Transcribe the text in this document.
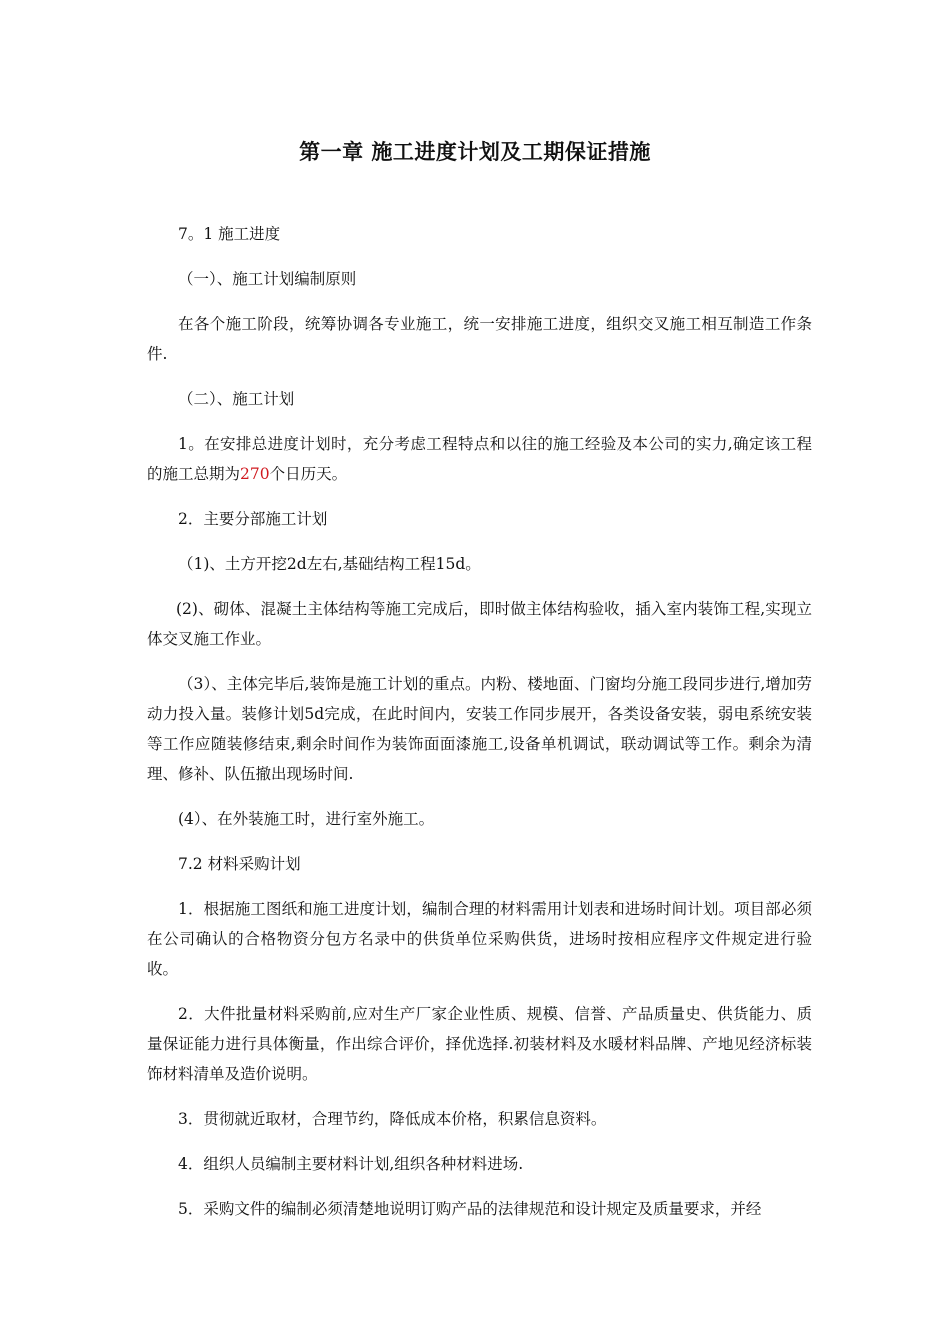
第一章 施工进度计划及工期保证措施

7。1 施工进度

（一）、施工计划编制原则

在各个施工阶段，统筹协调各专业施工，统一安排施工进度，组织交叉施工相互制造工作条件.

（二）、施工计划

1。在安排总进度计划时，充分考虑工程特点和以往的施工经验及本公司的实力,确定该工程的施工总期为270个日历天。

2．主要分部施工计划

（1)、土方开挖2d左右,基础结构工程15d。

(2)、砌体、混凝土主体结构等施工完成后，即时做主体结构验收，插入室内装饰工程,实现立体交叉施工作业。

（3）、主体完毕后,装饰是施工计划的重点。内粉、楼地面、门窗均分施工段同步进行,增加劳动力投入量。装修计划5d完成，在此时间内，安装工作同步展开，各类设备安装，弱电系统安装等工作应随装修结束,剩余时间作为装饰面面漆施工,设备单机调试，联动调试等工作。剩余为清理、修补、队伍撤出现场时间.

(4）、在外装施工时，进行室外施工。

7.2 材料采购计划

1．根据施工图纸和施工进度计划，编制合理的材料需用计划表和进场时间计划。项目部必须在公司确认的合格物资分包方名录中的供货单位采购供货，进场时按相应程序文件规定进行验收。

2．大件批量材料采购前,应对生产厂家企业性质、规模、信誉、产品质量史、供货能力、质量保证能力进行具体衡量，作出综合评价，择优选择.初装材料及水暖材料品牌、产地见经济标装饰材料清单及造价说明。

3．贯彻就近取材，合理节约，降低成本价格，积累信息资料。

4．组织人员编制主要材料计划,组织各种材料进场.

5．采购文件的编制必须清楚地说明订购产品的法律规范和设计规定及质量要求，并经
